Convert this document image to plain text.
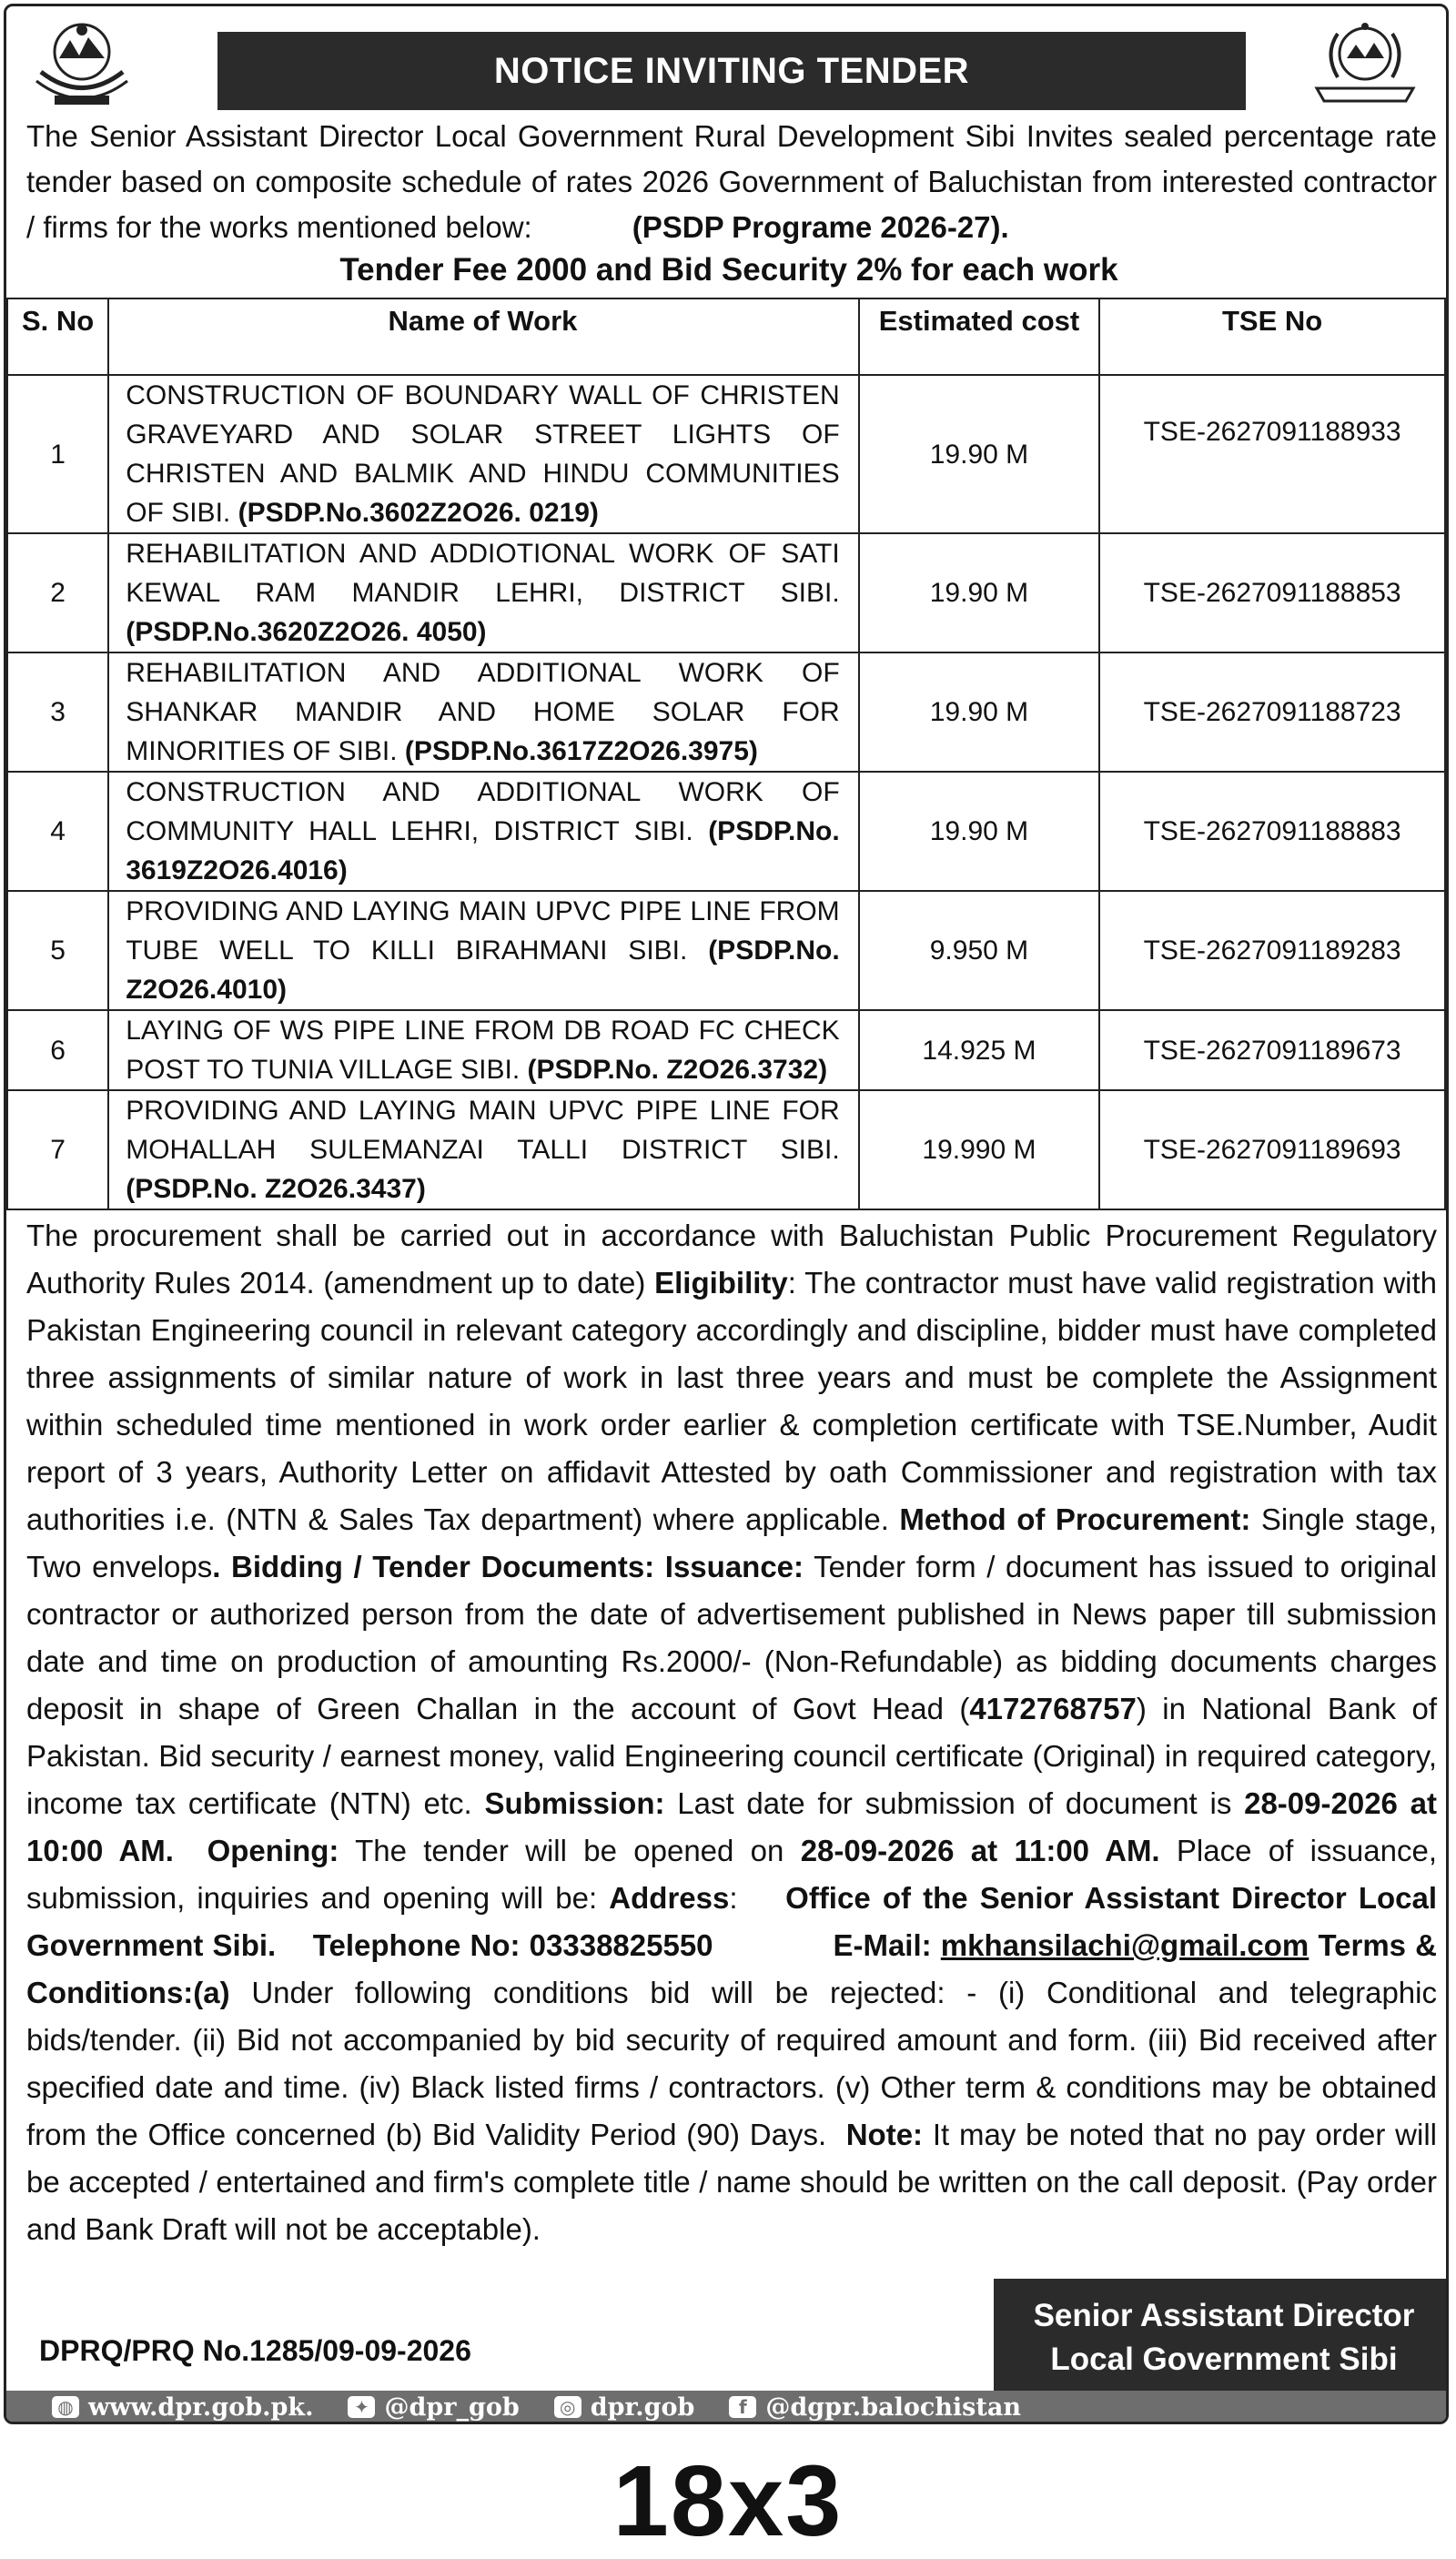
NOTICE INVITING TENDER
The Senior Assistant Director Local Government Rural Development Sibi Invites sealed percentage rate tender based on composite schedule of rates 2026 Government of Baluchistan from interested contractor / firms for the works mentioned below:	(PSDP Programe 2026-27).
Tender Fee 2000 and Bid Security 2% for each work
S. No	Name of Work	Estimated cost	TSE No
1	CONSTRUCTION OF BOUNDARY WALL OF CHRISTEN GRAVEYARD AND SOLAR STREET LIGHTS OF CHRISTEN AND BALMIK AND HINDU COMMUNITIES OF SIBI. (PSDP.No.3602Z2O26. 0219)	19.90 M	TSE-2627091188933
2	REHABILITATION AND ADDIOTIONAL WORK OF SATI KEWAL RAM MANDIR LEHRI, DISTRICT SIBI. (PSDP.No.3620Z2O26. 4050)	19.90 M	TSE-2627091188853
3	REHABILITATION AND ADDITIONAL WORK OF SHANKAR MANDIR AND HOME SOLAR FOR MINORITIES OF SIBI. (PSDP.No.3617Z2O26.3975)	19.90 M	TSE-2627091188723
4	CONSTRUCTION AND ADDITIONAL WORK OF COMMUNITY HALL LEHRI, DISTRICT SIBI. (PSDP.No. 3619Z2O26.4016)	19.90 M	TSE-2627091188883
5	PROVIDING AND LAYING MAIN UPVC PIPE LINE FROM TUBE WELL TO KILLI BIRAHMANI SIBI. (PSDP.No. Z2O26.4010)	9.950 M	TSE-2627091189283
6	LAYING OF WS PIPE LINE FROM DB ROAD FC CHECK POST TO TUNIA VILLAGE SIBI. (PSDP.No. Z2O26.3732)	14.925 M	TSE-2627091189673
7	PROVIDING AND LAYING MAIN UPVC PIPE LINE FOR MOHALLAH SULEMANZAI TALLI DISTRICT SIBI. (PSDP.No. Z2O26.3437)	19.990 M	TSE-2627091189693
The procurement shall be carried out in accordance with Baluchistan Public Procurement Regulatory Authority Rules 2014. (amendment up to date) Eligibility: The contractor must have valid registration with Pakistan Engineering council in relevant category accordingly and discipline, bidder must have completed three assignments of similar nature of work in last three years and must be complete the Assignment within scheduled time mentioned in work order earlier & completion certificate with TSE.Number, Audit report of 3 years, Authority Letter on affidavit Attested by oath Commissioner and registration with tax authorities i.e. (NTN & Sales Tax department) where applicable. Method of Procurement: Single stage, Two envelops. Bidding / Tender Documents: Issuance: Tender form / document has issued to original contractor or authorized person from the date of advertisement published in News paper till submission date and time on production of amounting Rs.2000/- (Non-Refundable) as bidding documents charges deposit in shape of Green Challan in the account of Govt Head (4172768757) in National Bank of Pakistan. Bid security / earnest money, valid Engineering council certificate (Original) in required category, income tax certificate (NTN) etc. Submission: Last date for submission of document is 28-09-2026 at 10:00 AM. Opening: The tender will be opened on 28-09-2026 at 11:00 AM. Place of issuance, submission, inquiries and opening will be: Address:    Office of the Senior Assistant Director Local Government Sibi. Telephone No: 03338825550	E-Mail: mkhansilachi@gmail.com Terms & Conditions:(a) Under following conditions bid will be rejected: - (i) Conditional and telegraphic bids/tender. (ii) Bid not accompanied by bid security of required amount and form. (iii) Bid received after specified date and time. (iv) Black listed firms / contractors. (v) Other term & conditions may be obtained from the Office concerned (b) Bid Validity Period (90) Days. Note: It may be noted that no pay order will be accepted / entertained and firm's complete title / name should be written on the call deposit. (Pay order and Bank Draft will not be acceptable).
DPRQ/PRQ No.1285/09-09-2026
Senior Assistant Director
Local Government Sibi
◍ www.dpr.gob.pk.	✦ @dpr_gob	◎ dpr.gob	f @dgpr.balochistan
18x3
